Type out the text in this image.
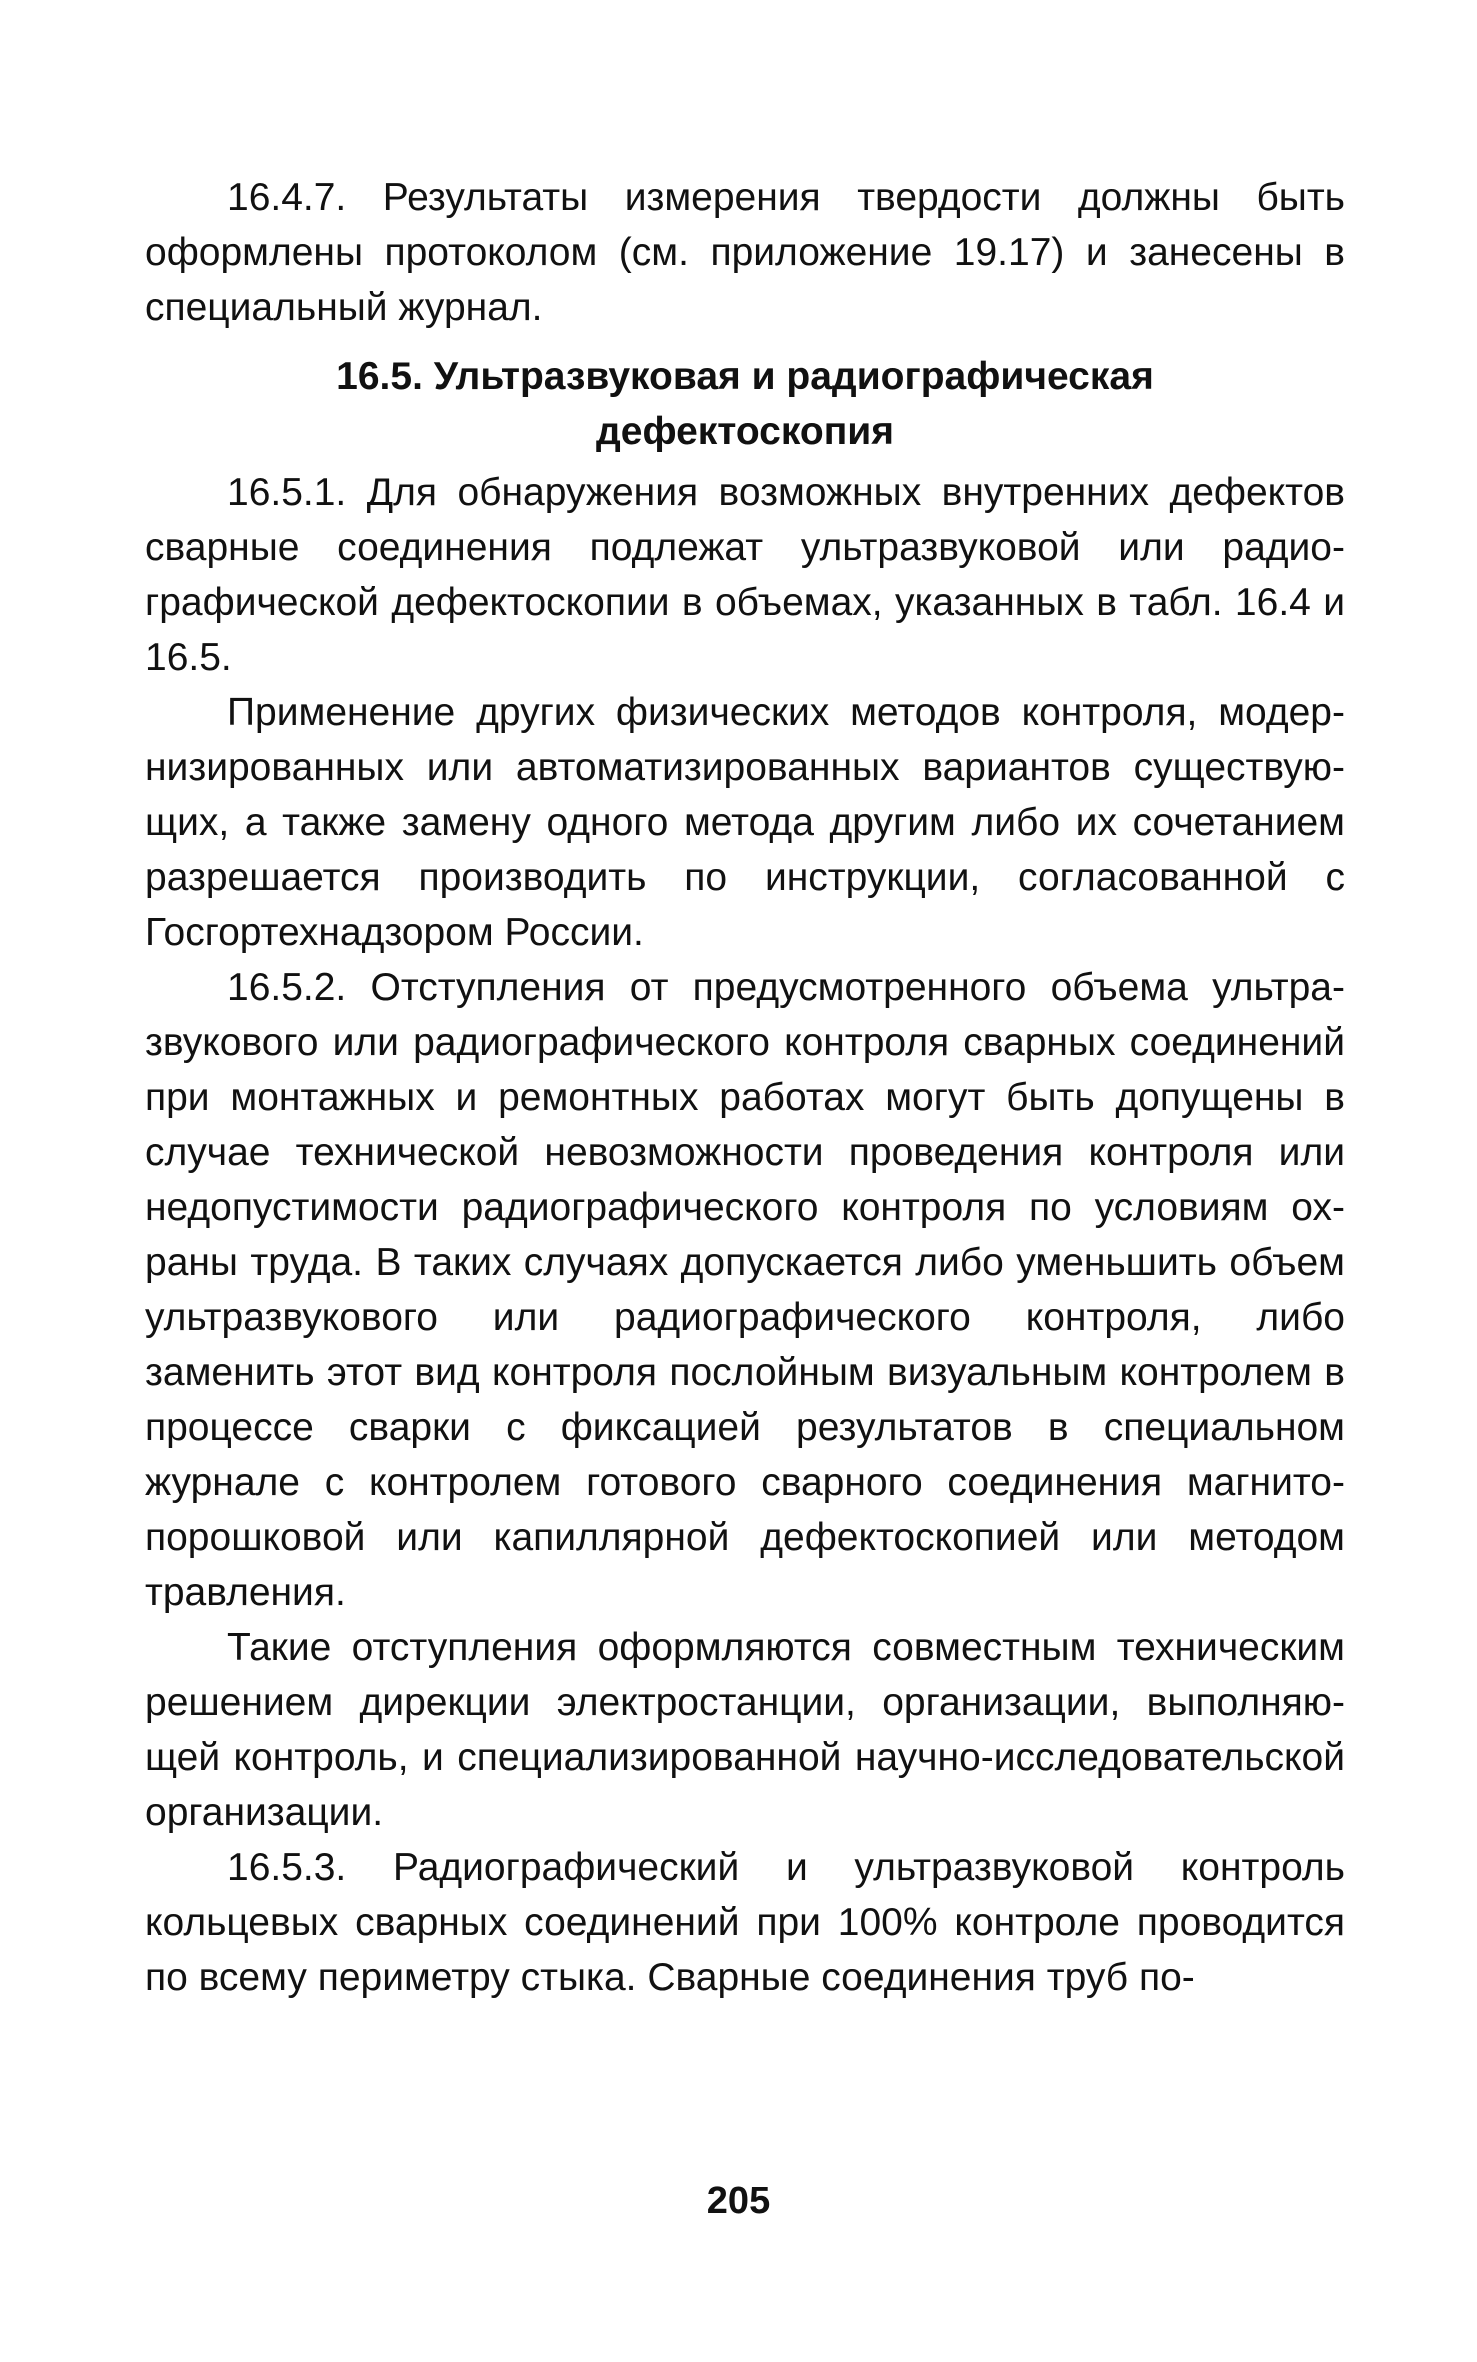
16.4.7. Результаты измерения твердости должны быть оформлены протоколом (см. приложение 19.17) и занесены в специальный журнал.

16.5. Ультразвуковая и радиографическая
дефектоскопия

16.5.1. Для обнаружения возможных внутренних дефектов сварные соединения подлежат ультразвуковой или радиографической дефектоскопии в объемах, указанных в табл. 16.4 и 16.5.

Применение других физических методов контроля, модернизированных или автоматизированных вариантов существующих, а также замену одного метода другим либо их сочетанием разрешается производить по инструкции, согласованной с Госгортехнадзором России.

16.5.2. Отступления от предусмотренного объема ультразвукового или радиографического контроля сварных соединений при монтажных и ремонтных работах могут быть допущены в случае технической невозможности проведения контроля или недопустимости радиографического контроля по условиям охраны труда. В таких случаях допускается либо уменьшить объем ультразвукового или радиографического контроля, либо заменить этот вид контроля послойным визуальным контролем в процессе сварки с фиксацией результатов в специальном журнале с контролем готового сварного соединения магнитопорошковой или капиллярной дефектоскопией или методом травления.

Такие отступления оформляются совместным техническим решением дирекции электростанции, организации, выполняющей контроль, и специализированной научно-исследовательской организации.

16.5.3. Радиографический и ультразвуковой контроль кольцевых сварных соединений при 100% контроле проводится по всему периметру стыка. Сварные соединения труб по-

205
